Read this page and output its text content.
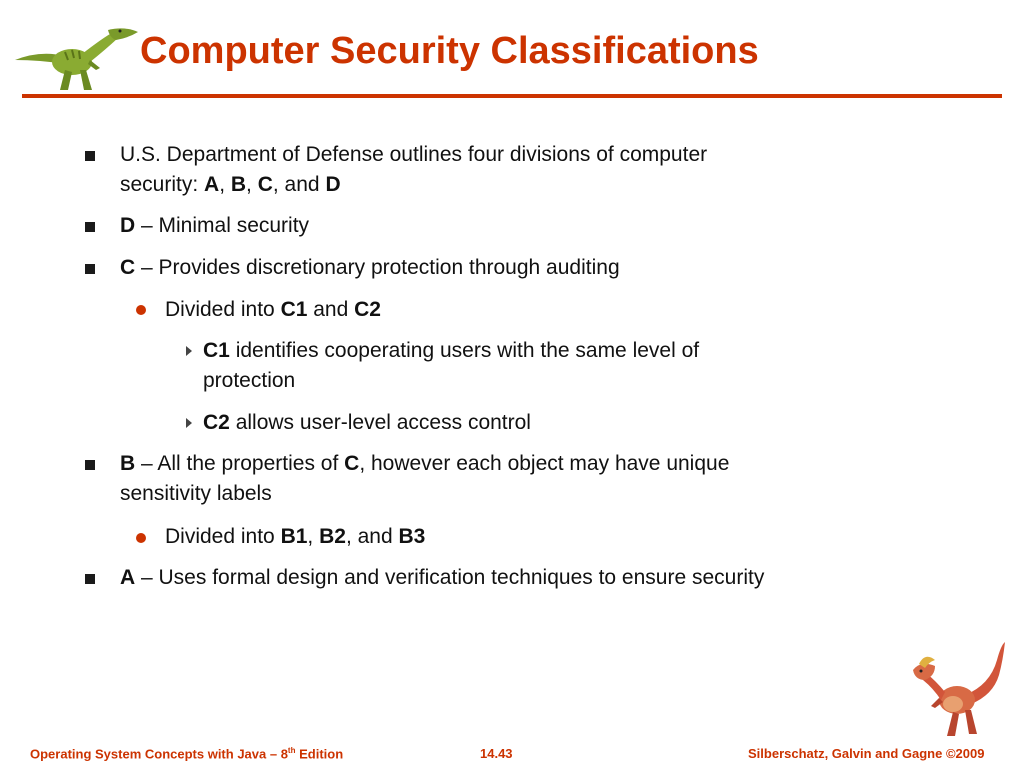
Computer Security Classifications
U.S. Department of Defense outlines four divisions of computer
security: A, B, C, and D
D – Minimal security
C – Provides discretionary protection through auditing
Divided into C1 and C2
C1 identifies cooperating users with the same level of
protection
C2 allows user-level access control
B – All the properties of C, however each object may have unique
sensitivity labels
Divided into B1, B2, and B3
A – Uses formal design and verification techniques to ensure security
Operating System Concepts with Java – 8th Edition	14.43	Silberschatz, Galvin and Gagne ©2009
